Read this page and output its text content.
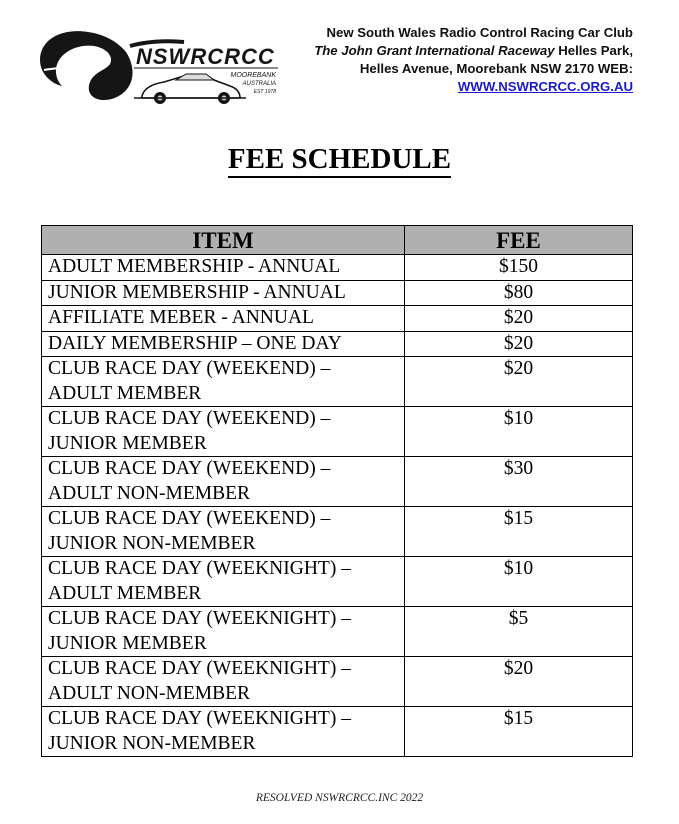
NSWRCRCC
MOOREBANK
AUSTRALIA
EST 1978
New South Wales Radio Control Racing Car Club
The John Grant International Raceway Helles Park,
Helles Avenue, Moorebank NSW 2170 WEB:
WWW.NSWRCRCC.ORG.AU
FEE SCHEDULE
ITEM	FEE

ADULT MEMBERSHIP - ANNUAL	$150

JUNIOR MEMBERSHIP - ANNUAL	$80

AFFILIATE MEBER - ANNUAL	$20

DAILY MEMBERSHIP – ONE DAY	$20

CLUB RACE DAY (WEEKEND) –
ADULT MEMBER	$20

CLUB RACE DAY (WEEKEND) –
JUNIOR MEMBER	$10

CLUB RACE DAY (WEEKEND) –
ADULT NON-MEMBER	$30

CLUB RACE DAY (WEEKEND) –
JUNIOR NON-MEMBER	$15

CLUB RACE DAY (WEEKNIGHT) –
ADULT MEMBER	$10

CLUB RACE DAY (WEEKNIGHT) –
JUNIOR MEMBER	$5

CLUB RACE DAY (WEEKNIGHT) –
ADULT NON-MEMBER	$20

CLUB RACE DAY (WEEKNIGHT) –
JUNIOR NON-MEMBER	$15
RESOLVED NSWRCRCC.INC 2022
